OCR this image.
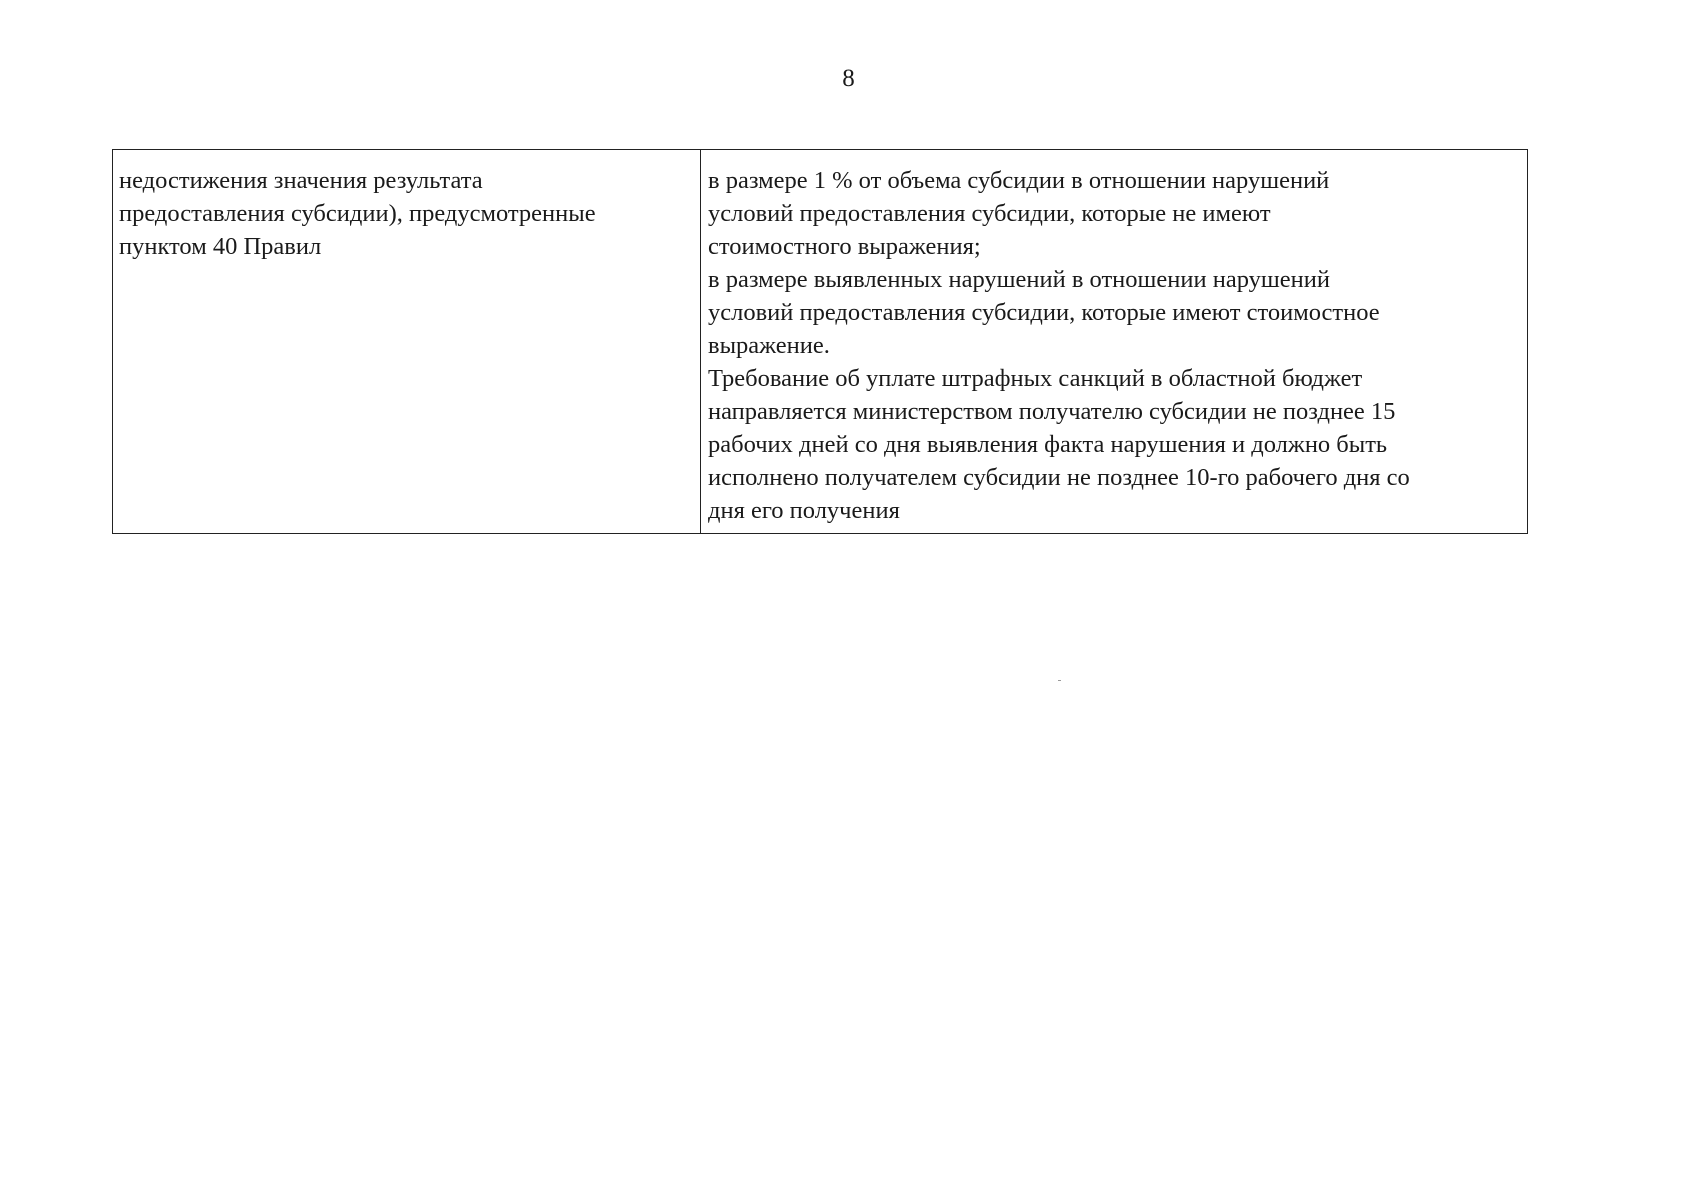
8
недостижения значения результата
предоставления субсидии), предусмотренные
пунктом 40 Правил
в размере 1 % от объема субсидии в отношении нарушений
условий предоставления субсидии, которые не имеют
стоимостного выражения;
в размере выявленных нарушений в отношении нарушений
условий предоставления субсидии, которые имеют стоимостное
выражение.
Требование об уплате штрафных санкций в областной бюджет
направляется министерством получателю субсидии не позднее 15
рабочих дней со дня выявления факта нарушения и должно быть
исполнено получателем субсидии не позднее 10-го рабочего дня со
дня его получения
